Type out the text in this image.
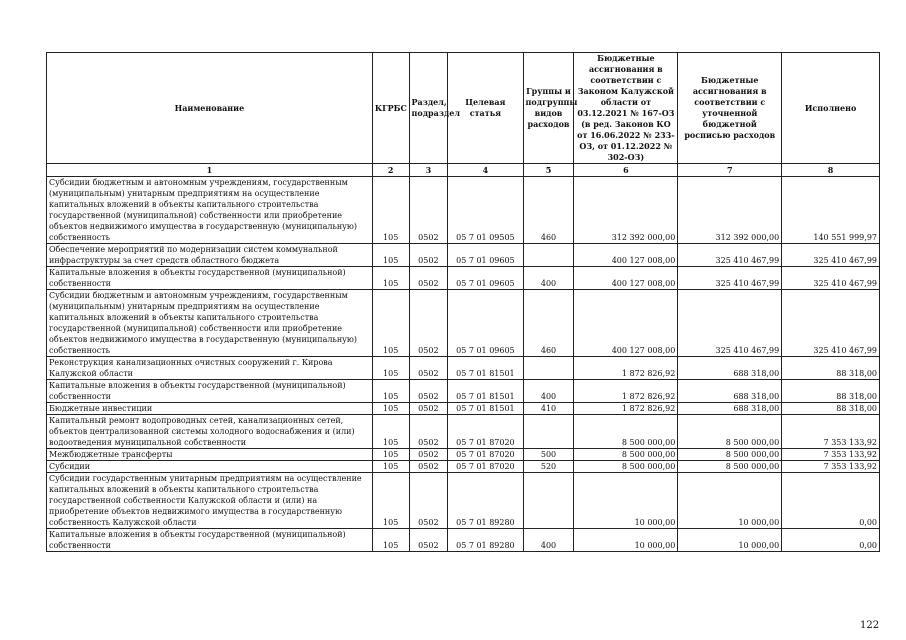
Наименование	КГРБС	Раздел, подраздел	Целевая статья	Группы и подгруппы видов расходов	Бюджетные ассигнования в соответствии с Законом Калужской области от 03.12.2021 № 167-ОЗ (в ред. Законов КО от 16.06.2022 № 233-ОЗ, от 01.12.2022 № 302-ОЗ)	Бюджетные ассигнования в соответствии с уточненной бюджетной росписью расходов	Исполнено
1	2	3	4	5	6	7	8
Субсидии бюджетным и автономным учреждениям, государственным (муниципальным) унитарным предприятиям на осуществление капитальных вложений в объекты капитального строительства государственной (муниципальной) собственности или приобретение объектов недвижимого имущества в государственную (муниципальную) собственность	105	0502	05 7 01 09505	460	312 392 000,00	312 392 000,00	140 551 999,97
Обеспечение мероприятий по модернизации систем коммунальной инфраструктуры за счет средств областного бюджета	105	0502	05 7 01 09605		400 127 008,00	325 410 467,99	325 410 467,99
Капитальные вложения в объекты государственной (муниципальной) собственности	105	0502	05 7 01 09605	400	400 127 008,00	325 410 467,99	325 410 467,99
Субсидии бюджетным и автономным учреждениям, государственным (муниципальным) унитарным предприятиям на осуществление капитальных вложений в объекты капитального строительства государственной (муниципальной) собственности или приобретение объектов недвижимого имущества в государственную (муниципальную) собственность	105	0502	05 7 01 09605	460	400 127 008,00	325 410 467,99	325 410 467,99
Реконструкция канализационных очистных сооружений г. Кирова Калужской области	105	0502	05 7 01 81501		1 872 826,92	688 318,00	88 318,00
Капитальные вложения в объекты государственной (муниципальной) собственности	105	0502	05 7 01 81501	400	1 872 826,92	688 318,00	88 318,00
Бюджетные инвестиции	105	0502	05 7 01 81501	410	1 872 826,92	688 318,00	88 318,00
Капитальный ремонт водопроводных сетей, канализационных сетей, объектов централизованной системы холодного водоснабжения и (или) водоотведения муниципальной собственности	105	0502	05 7 01 87020		8 500 000,00	8 500 000,00	7 353 133,92
Межбюджетные трансферты	105	0502	05 7 01 87020	500	8 500 000,00	8 500 000,00	7 353 133,92
Субсидии	105	0502	05 7 01 87020	520	8 500 000,00	8 500 000,00	7 353 133,92
Субсидии государственным унитарным предприятиям на осуществление капитальных вложений в объекты капитального строительства государственной собственности Калужской области и (или) на приобретение объектов недвижимого имущества в государственную собственность Калужской области	105	0502	05 7 01 89280		10 000,00	10 000,00	0,00
Капитальные вложения в объекты государственной (муниципальной) собственности	105	0502	05 7 01 89280	400	10 000,00	10 000,00	0,00
122
